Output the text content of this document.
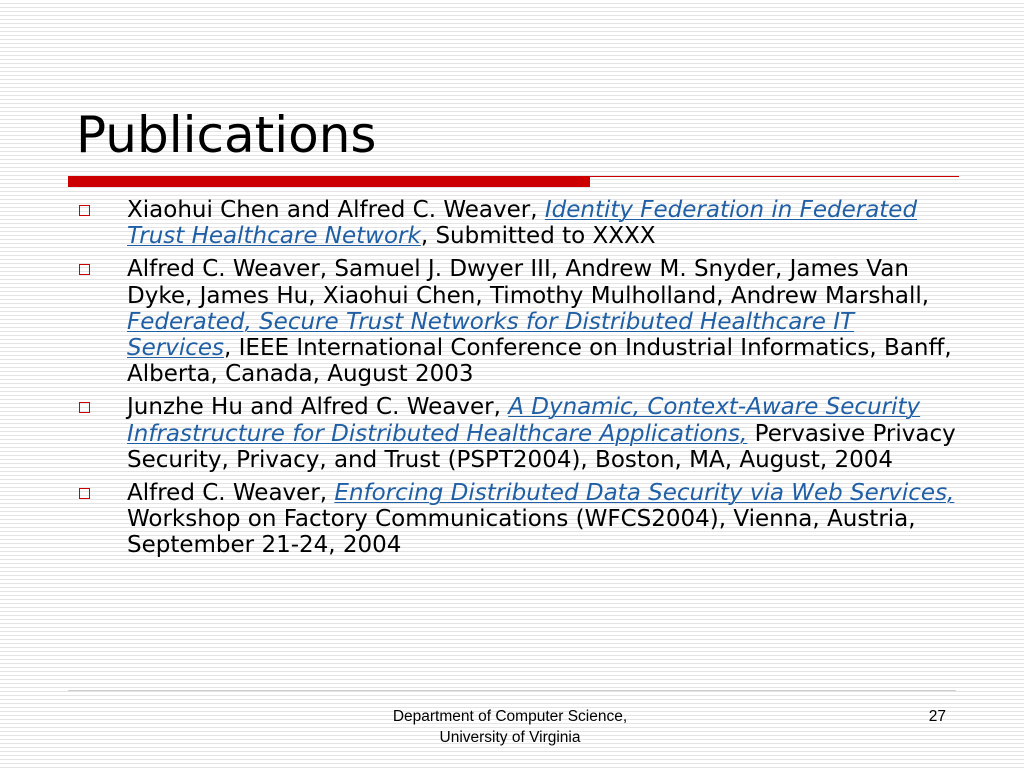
Publications
Xiaohui Chen and Alfred C. Weaver, Identity Federation in Federated Trust Healthcare Network, Submitted to XXXX
Alfred C. Weaver, Samuel J. Dwyer III, Andrew M. Snyder, James Van Dyke, James Hu, Xiaohui Chen, Timothy Mulholland, Andrew Marshall, Federated, Secure Trust Networks for Distributed Healthcare IT Services, IEEE International Conference on Industrial Informatics, Banff, Alberta, Canada, August 2003
Junzhe Hu and Alfred C. Weaver, A Dynamic, Context-Aware Security Infrastructure for Distributed Healthcare Applications, Pervasive Privacy Security, Privacy, and Trust (PSPT2004), Boston, MA, August, 2004
Alfred C. Weaver, Enforcing Distributed Data Security via Web Services, Workshop on Factory Communications (WFCS2004), Vienna, Austria, September 21-24, 2004
Department of Computer Science,
University of Virginia
27
